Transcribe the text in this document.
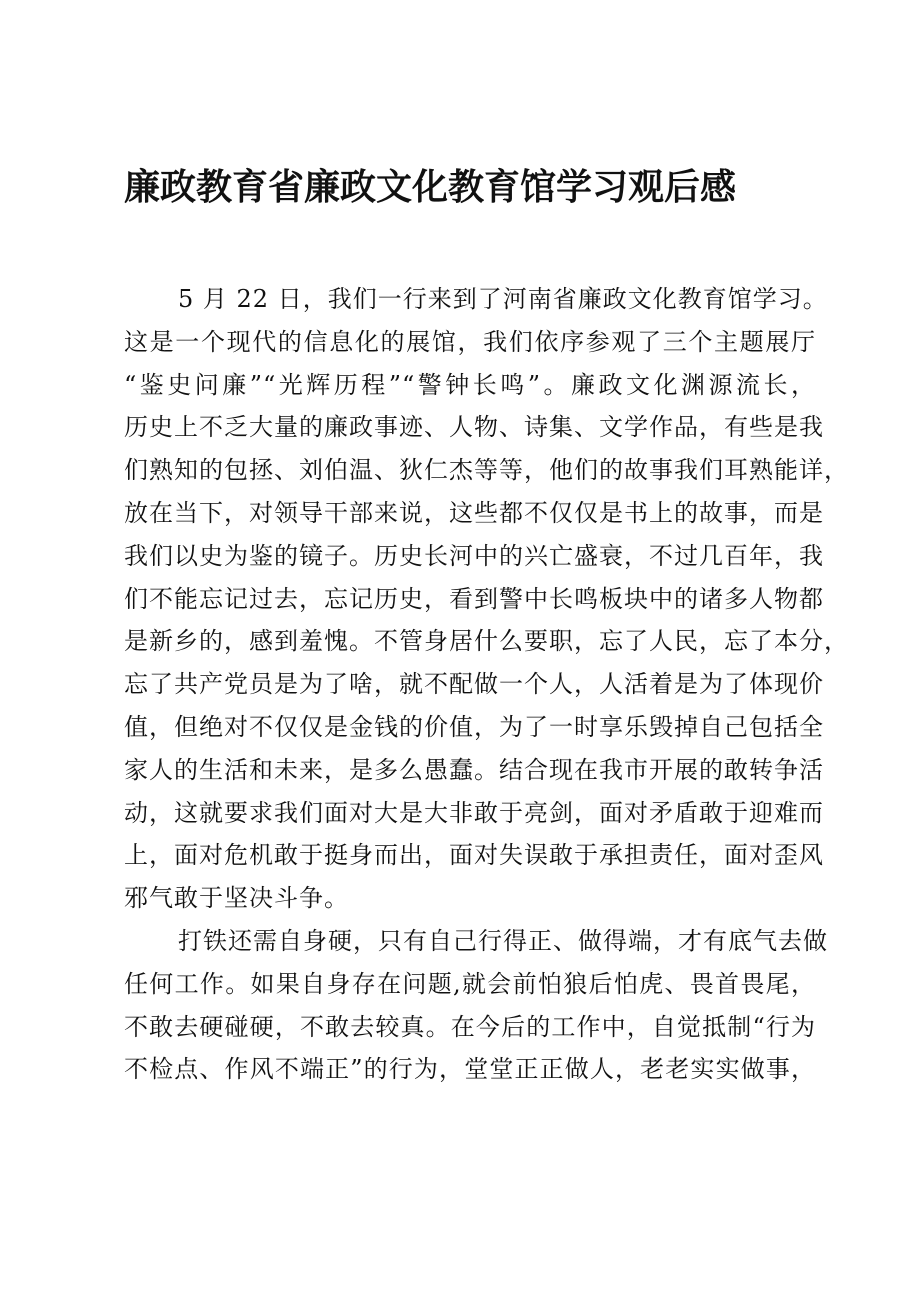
廉政教育省廉政文化教育馆学习观后感
5 月 22 日，我们一行来到了河南省廉政文化教育馆学习。
这是一个现代的信息化的展馆，我们依序参观了三个主题展厅
“鉴史问廉”“光辉历程”“警钟长鸣”。廉政文化渊源流长，
历史上不乏大量的廉政事迹、人物、诗集、文学作品，有些是我
们熟知的包拯、刘伯温、狄仁杰等等，他们的故事我们耳熟能详，
放在当下，对领导干部来说，这些都不仅仅是书上的故事，而是
我们以史为鉴的镜子。历史长河中的兴亡盛衰，不过几百年，我
们不能忘记过去，忘记历史，看到警中长鸣板块中的诸多人物都
是新乡的，感到羞愧。不管身居什么要职，忘了人民，忘了本分，
忘了共产党员是为了啥，就不配做一个人，人活着是为了体现价
值，但绝对不仅仅是金钱的价值，为了一时享乐毁掉自己包括全
家人的生活和未来，是多么愚蠢。结合现在我市开展的敢转争活
动，这就要求我们面对大是大非敢于亮剑，面对矛盾敢于迎难而
上，面对危机敢于挺身而出，面对失误敢于承担责任，面对歪风
邪气敢于坚决斗争。
打铁还需自身硬，只有自己行得正、做得端，才有底气去做
任何工作。如果自身存在问题,就会前怕狼后怕虎、畏首畏尾，
不敢去硬碰硬，不敢去较真。在今后的工作中，自觉抵制“行为
不检点、作风不端正”的行为，堂堂正正做人，老老实实做事，
